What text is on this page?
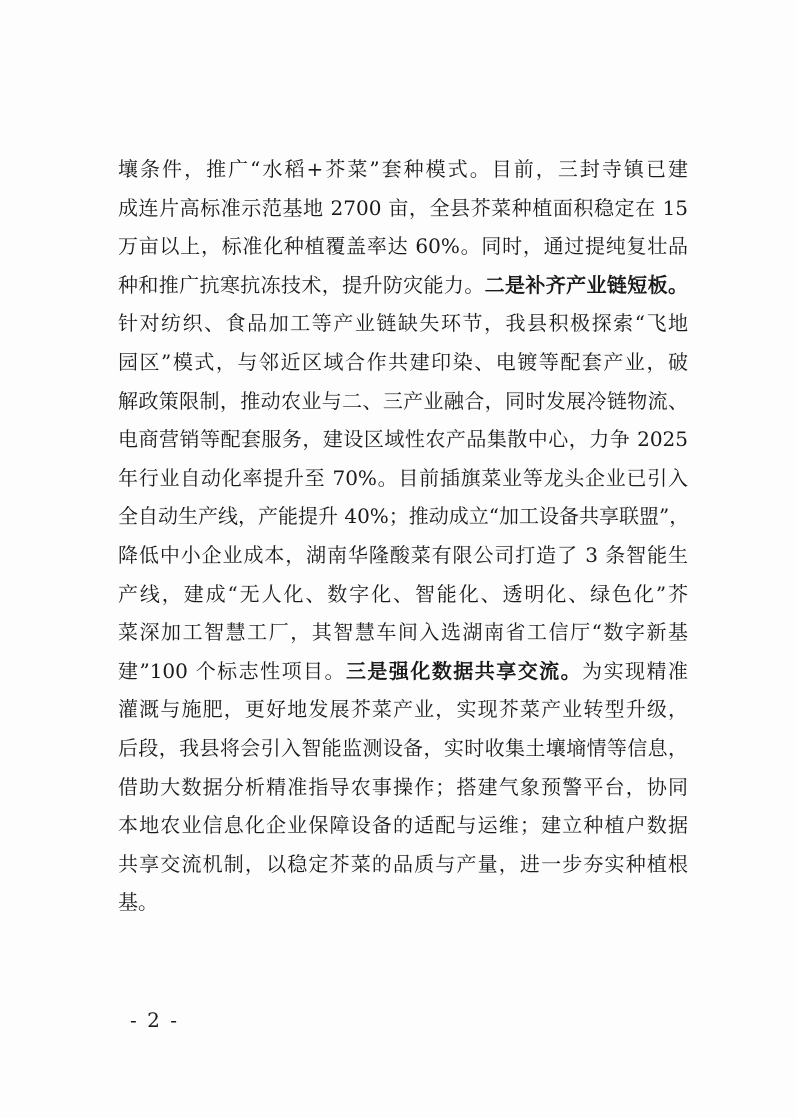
壤条件，推广“水稻+芥菜”套种模式。目前，三封寺镇已建
成连片高标准示范基地 2700 亩，全县芥菜种植面积稳定在 15
万亩以上，标准化种植覆盖率达 60%。同时，通过提纯复壮品
种和推广抗寒抗冻技术，提升防灾能力。二是补齐产业链短板。
针对纺织、食品加工等产业链缺失环节，我县积极探索“飞地
园区”模式，与邻近区域合作共建印染、电镀等配套产业，破
解政策限制，推动农业与二、三产业融合，同时发展冷链物流、
电商营销等配套服务，建设区域性农产品集散中心，力争 2025
年行业自动化率提升至 70%。目前插旗菜业等龙头企业已引入
全自动生产线，产能提升 40%；推动成立“加工设备共享联盟”，
降低中小企业成本，湖南华隆酸菜有限公司打造了 3 条智能生
产线，建成“无人化、数字化、智能化、透明化、绿色化”芥
菜深加工智慧工厂，其智慧车间入选湖南省工信厅“数字新基
建”100 个标志性项目。三是强化数据共享交流。为实现精准
灌溉与施肥，更好地发展芥菜产业，实现芥菜产业转型升级，
后段，我县将会引入智能监测设备，实时收集土壤墒情等信息，
借助大数据分析精准指导农事操作；搭建气象预警平台，协同
本地农业信息化企业保障设备的适配与运维；建立种植户数据
共享交流机制，以稳定芥菜的品质与产量，进一步夯实种植根
基。
- 2 -
